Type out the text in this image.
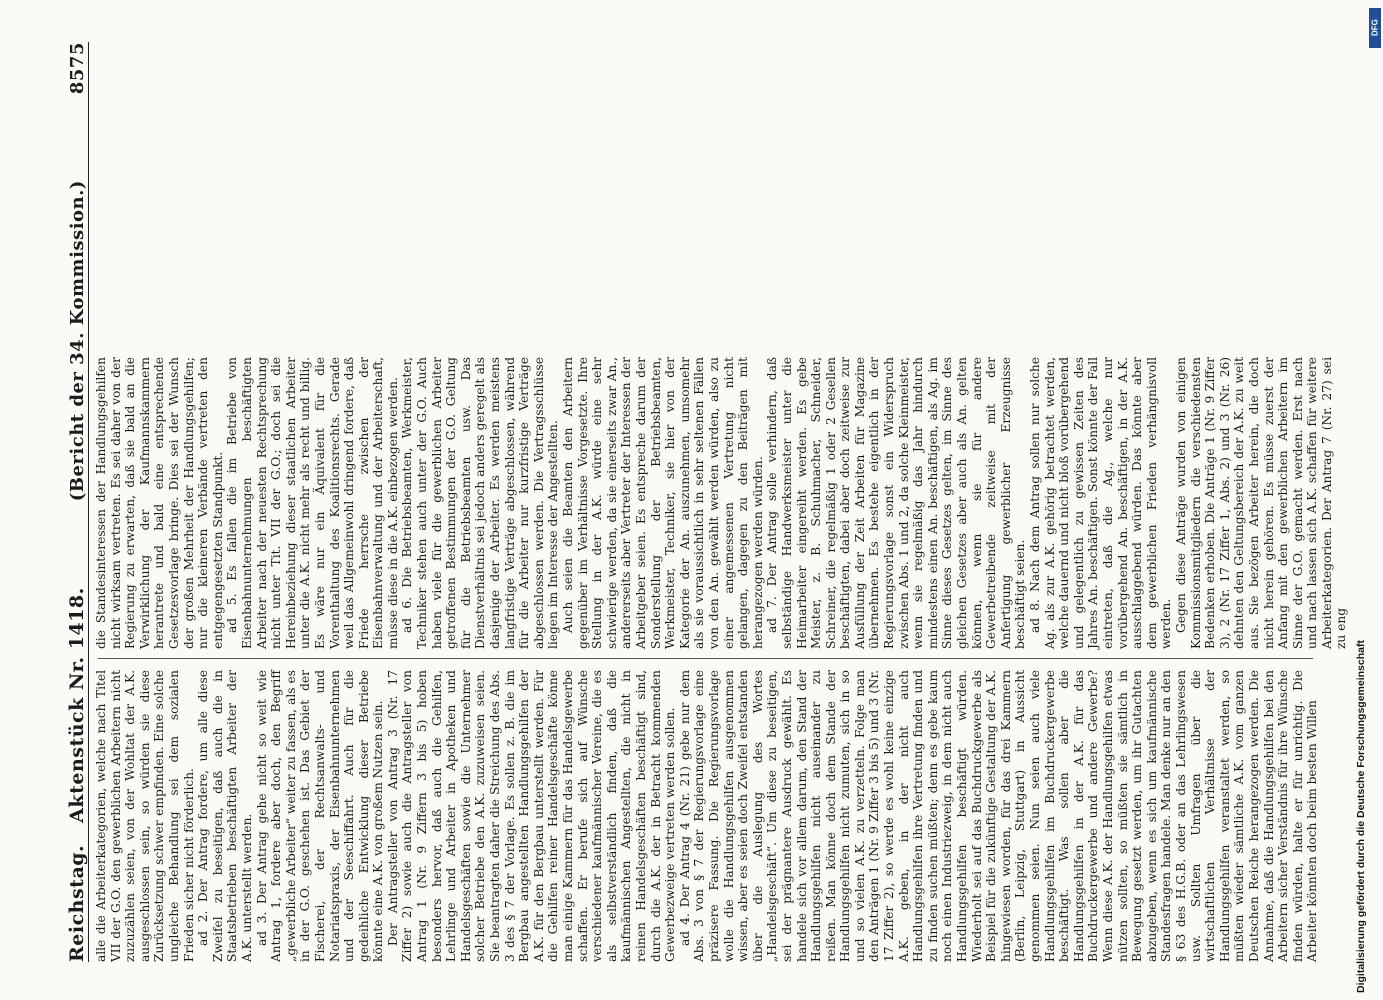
Reichstag.
Aktenstück Nr. 1418.
(Bericht der 34. Kommission.)
8575

alle die Arbeiterkategorien, welche nach Titel VII der G.O. den gewerblichen Arbeitern nicht zuzuzählen seien, von der Wohltat der A.K. ausgeschlossen sein, so würden sie diese Zurücksetzung schwer empfinden. Eine solche ungleiche Behandlung sei dem sozialen Frieden sicher nicht förderlich. ad 2. Der Antrag fordere, um alle diese Zweifel zu beseitigen, daß auch die in Staatsbetrieben beschäftigten Arbeiter der A.K. unterstellt werden. ad 3. Der Antrag gehe nicht so weit wie Antrag 1, fordere aber doch, den Begriff „gewerbliche Arbeiter“ weiter zu fassen, als es in der G.O. geschehen ist. Das Gebiet der Fischerei, der Rechtsanwalts- und Notariatspraxis, der Eisenbahnunternehmen und der Seeschiffahrt. Auch für die gedeihliche Entwicklung dieser Betriebe könnte eine A.K. von großem Nutzen sein. Der Antragsteller von Antrag 3 (Nr. 17 Ziffer 2) sowie auch die Antragsteller von Antrag 1 (Nr. 9 Ziffern 3 bis 5) hoben besonders hervor, daß auch die Gehilfen, Lehrlinge und Arbeiter in Apotheken und Handelsgeschäften sowie die Unternehmer solcher Betriebe den A.K. zuzuweisen seien. Sie beantragten daher die Streichung des Abs. 3 des § 7 der Vorlage. Es sollen z. B. die im Bergbau angestellten Handlungsgehilfen der A.K. für den Bergbau unterstellt werden. Für die Gehilfen reiner Handelsgeschäfte könne man einige Kammern für das Handelsgewerbe schaffen. Er berufe sich auf Wünsche verschiedener kaufmännischer Vereine, die es als selbstverständlich finden, daß die kaufmännischen Angestellten, die nicht in reinen Handelsgeschäften beschäftigt sind, durch die A.K. der in Betracht kommenden Gewerbezweige vertreten werden sollen. ad 4. Der Antrag 4 (Nr. 21) gebe nur dem Abs. 3 von § 7 der Regierungsvorlage eine präzisere Fassung. Die Regierungsvorlage wolle die Handlungsgehilfen ausgenommen wissen, aber es seien doch Zweifel entstanden über die Auslegung des Wortes „Handelsgeschäft“. Um diese zu beseitigen, sei der prägnantere Ausdruck gewählt. Es handele sich vor allem darum, den Stand der Handlungsgehilfen nicht auseinander zu reißen. Man könne doch dem Stande der Handlungsgehilfen nicht zumuten, sich in so und so vielen A.K. zu verzetteln. Folge man den Anträgen 1 (Nr. 9 Ziffer 3 bis 5) und 3 (Nr. 17 Ziffer 2), so werde es wohl keine einzige A.K. geben, in der nicht auch Handlungsgehilfen ihre Vertretung finden und zu finden suchen müßten; denn es gebe kaum noch einen Industriezweig, in dem nicht auch Handlungsgehilfen beschäftigt würden. Wiederholt sei auf das Buchdruckgewerbe als Beispiel für die zukünftige Gestaltung der A.K. hingewiesen worden, für das drei Kammern (Berlin, Leipzig, Stuttgart) in Aussicht genommen seien. Nun seien auch viele Handlungsgehilfen im Buchdruckergewerbe beschäftigt. Was sollen aber die Handlungsgehilfen in der A.K. für das Buchdruckergewerbe und andere Gewerbe? Wenn diese A.K. der Handlungsgehilfen etwas nützen sollten, so müßten sie sämtlich in Bewegung gesetzt werden, um ihr Gutachten abzugeben, wenn es sich um kaufmännische Standesfragen handele. Man denke nur an den § 63 des H.G.B. oder an das Lehrlingswesen usw. Sollten Umfragen über die wirtschaftlichen Verhältnisse der Handlungsgehilfen veranstaltet werden, so müßten wieder sämtliche A.K. vom ganzen Deutschen Reiche herangezogen werden. Die Annahme, daß die Handlungsgehilfen bei den Arbeitern sicher Verständnis für ihre Wünsche finden würden, halte er für unrichtig. Die Arbeiter könnten doch beim besten Willen

die Standesinteressen der Handlungsgehilfen nicht wirksam vertreten. Es sei daher von der Regierung zu erwarten, daß sie bald an die Verwirklichung der Kaufmannskammern herantrete und bald eine entsprechende Gesetzesvorlage bringe. Dies sei der Wunsch der großen Mehrheit der Handlungsgehilfen; nur die kleineren Verbände vertreten den entgegengesetzten Standpunkt. ad 5. Es fallen die im Betriebe von Eisenbahnunternehmungen beschäftigten Arbeiter nach der neuesten Rechtsprechung nicht unter Tit. VII der G.O.; doch sei die Hereinbeziehung dieser staatlichen Arbeiter unter die A.K. nicht mehr als recht und billig. Es wäre nur ein Äquivalent für die Vorenthaltung des Koalitionsrechts. Gerade weil das Allgemeinwohl dringend fordere, daß Friede herrsche zwischen der Eisenbahnverwaltung und der Arbeiterschaft, müsse diese in die A.K. einbezogen werden. ad 6. Die Betriebsbeamten, Werkmeister, Techniker stehen auch unter der G.O. Auch haben viele für die gewerblichen Arbeiter getroffenen Bestimmungen der G.O. Geltung für die Betriebsbeamten usw. Das Dienstverhältnis sei jedoch anders geregelt als dasjenige der Arbeiter. Es werden meistens langfristige Verträge abgeschlossen, während für die Arbeiter nur kurzfristige Verträge abgeschlossen werden. Die Vertragsschlüsse liegen im Interesse der Angestellten. Auch seien die Beamten den Arbeitern gegenüber im Verhältnisse Vorgesetzte. Ihre Stellung in der A.K. würde eine sehr schwierige werden, da sie einerseits zwar An., andererseits aber Vertreter der Interessen der Arbeitgeber seien. Es entspreche darum der Sonderstellung der Betriebsbeamten, Werkmeister, Techniker, sie hier von der Kategorie der An. auszunehmen, umsomehr als sie voraussichtlich in sehr seltenen Fällen von den An. gewählt werden würden, also zu einer angemessenen Vertretung nicht gelangen, dagegen zu den Beiträgen mit herangezogen werden würden. ad 7. Der Antrag solle verhindern, daß selbständige Handwerksmeister unter die Heimarbeiter eingereiht werden. Es gebe Meister, z. B. Schuhmacher, Schneider, Schreiner, die regelmäßig 1 oder 2 Gesellen beschäftigten, dabei aber doch zeitweise zur Ausfüllung der Zeit Arbeiten für Magazine übernehmen. Es bestehe eigentlich in der Regierungsvorlage sonst ein Widerspruch zwischen Abs. 1 und 2, da solche Kleinmeister, wenn sie regelmäßig das Jahr hindurch mindestens einen An. beschäftigen, als Ag. im Sinne dieses Gesetzes gelten, im Sinne des gleichen Gesetzes aber auch als An. gelten können, wenn sie für andere Gewerbetreibende zeitweise mit der Anfertigung gewerblicher Erzeugnisse beschäftigt seien. ad 8. Nach dem Antrag sollen nur solche Ag. als zur A.K. gehörig betrachtet werden, welche dauernd und nicht bloß vorübergehend und gelegentlich zu gewissen Zeiten des Jahres An. beschäftigen. Sonst könnte der Fall eintreten, daß die Ag., welche nur vorübergehend An. beschäftigen, in der A.K. ausschlaggebend würden. Das könnte aber dem gewerblichen Frieden verhängnisvoll werden. Gegen diese Anträge wurden von einigen Kommissionsmitgliedern die verschiedensten Bedenken erhoben. Die Anträge 1 (Nr. 9 Ziffer 3), 2 (Nr. 17 Ziffer 1, Abs. 2) und 3 (Nr. 26) dehnten den Geltungsbereich der A.K. zu weit aus. Sie bezögen Arbeiter herein, die doch nicht herein gehören. Es müsse zuerst der Anfang mit den gewerblichen Arbeitern im Sinne der G.O. gemacht werden. Erst nach und nach lassen sich A.K. schaffen für weitere Arbeiterkategorien. Der Antrag 7 (Nr. 27) sei zu eng

Digitalisierung gefördert durch die Deutsche Forschungsgemeinschaft
DFG
